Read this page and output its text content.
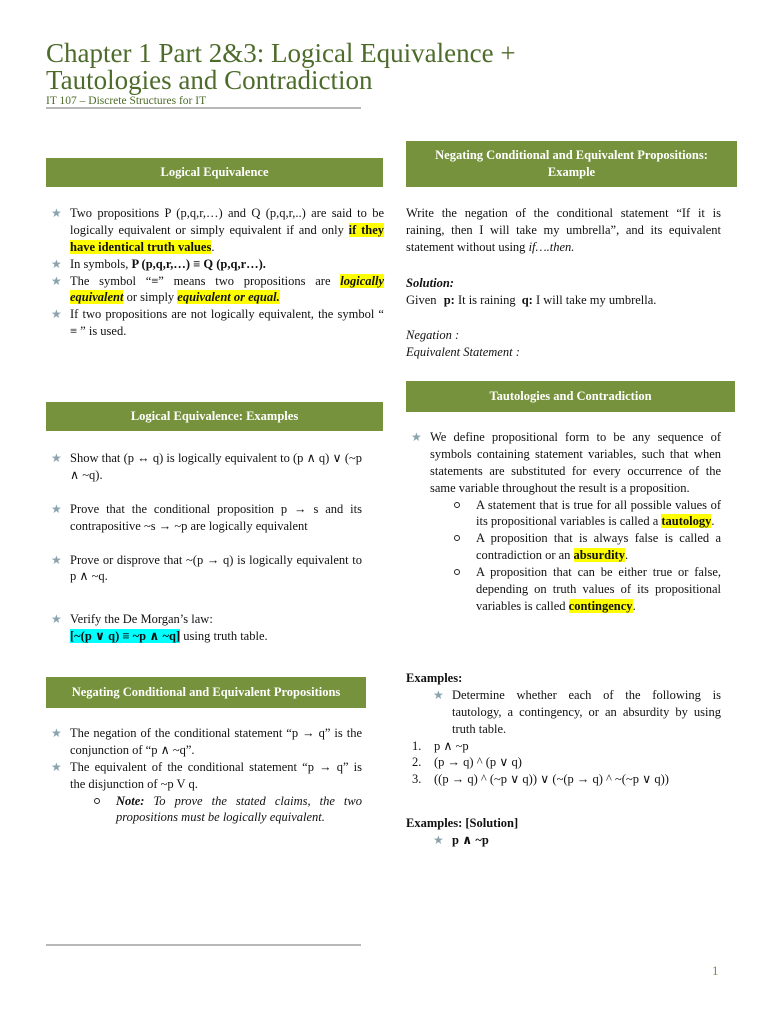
Chapter 1 Part 2&3: Logical Equivalence +
Tautologies and Contradiction
IT 107 – Discrete Structures for IT
Logical Equivalence
★ Two propositions P (p,q,r,…) and Q (p,q,r,..) are said to be logically equivalent or simply equivalent if and only if they have identical truth values.
★ In symbols, P (p,q,r,…) ≡ Q (p,q,r…).
★ The symbol “≡” means two propositions are logically equivalent or simply equivalent or equal.
★ If two propositions are not logically equivalent, the symbol “ ≡ ” is used.
Logical Equivalence: Examples
★ Show that (p ↔ q) is logically equivalent to (p ∧ q) ∨ (~p ∧ ~q).
★ Prove that the conditional proposition p → s and its contrapositive ~s → ~p are logically equivalent
★ Prove or disprove that ~(p → q) is logically equivalent to p ∧ ~q.
★ Verify the De Morgan’s law:
[~(p ∨ q) ≡ ~p ∧ ~q] using truth table.
Negating Conditional and Equivalent Propositions
★ The negation of the conditional statement “p → q” is the conjunction of “p ∧ ~q”.
★ The equivalent of the conditional statement “p → q” is the disjunction of ~p V q.
Note: To prove the stated claims, the two propositions must be logically equivalent.
Negating Conditional and Equivalent Propositions: Example
Write the negation of the conditional statement “If it is raining, then I will take my umbrella”, and its equivalent statement without using if….then.
Solution:
Given p: It is raining q: I will take my umbrella.
Negation :
Equivalent Statement :
Tautologies and Contradiction
★ We define propositional form to be any sequence of symbols containing statement variables, such that when statements are substituted for every occurrence of the same variable throughout the result is a proposition.
A statement that is true for all possible values of its propositional variables is called a tautology.
A proposition that is always false is called a contradiction or an absurdity.
A proposition that can be either true or false, depending on truth values of its propositional variables is called contingency.
Examples:
★ Determine whether each of the following is tautology, a contingency, or an absurdity by using truth table.
1. p ∧ ~p
2. (p → q) ^ (p ∨ q)
3. ((p → q) ^ (~p ∨ q)) ∨ (~(p → q) ^ ~(~p ∨ q))
Examples: [Solution]
★ p ∧ ~p
1
